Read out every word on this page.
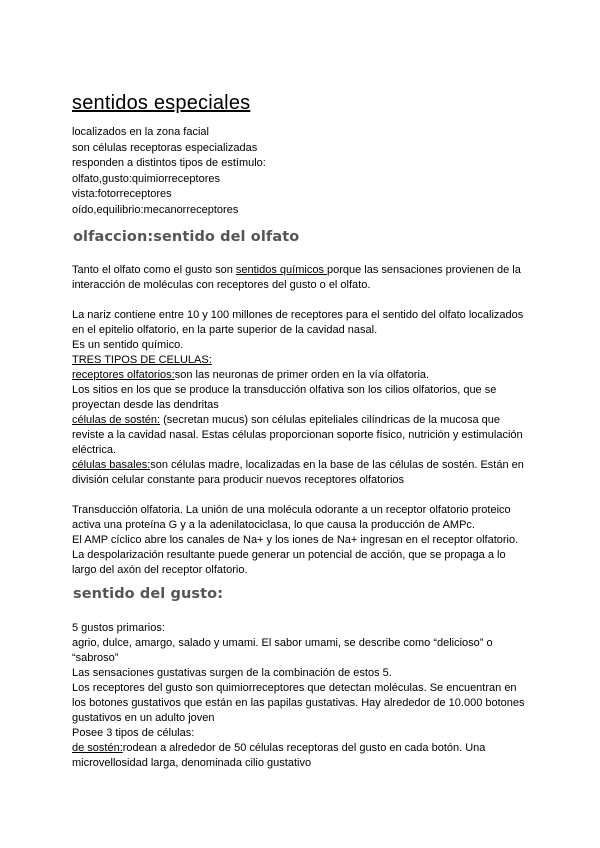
sentidos especiales

localizados en la zona facial

son células receptoras especializadas

responden a distintos tipos de estímulo:

olfato,gusto:quimiorreceptores

vista:fotorreceptores

oído,equilibrio:mecanorreceptores

olfaccion:sentido del olfato

Tanto el olfato como el gusto son sentidos químicos porque las sensaciones provienen de la interacción de moléculas con receptores del gusto o el olfato.

La nariz contiene entre 10 y 100 millones de receptores para el sentido del olfato localizados en el epitelio olfatorio, en la parte superior de la cavidad nasal.

Es un sentido químico.

TRES TIPOS DE CELULAS:

receptores olfatorios:son las neuronas de primer orden en la vía olfatoria.

Los sitios en los que se produce la transducción olfativa son los cilios olfatorios, que se proyectan desde las dendritas

células de sostén: (secretan mucus) son células epiteliales cilíndricas de la mucosa que reviste a la cavidad nasal. Estas células proporcionan soporte físico, nutrición y estimulación eléctrica.

células basales:son células madre, localizadas en la base de las células de sostén. Están en división celular constante para producir nuevos receptores olfatorios

Transducción olfatoria. La unión de una molécula odorante a un receptor olfatorio proteico activa una proteína G y a la adenilatociclasa, lo que causa la producción de AMPc.

El AMP cíclico abre los canales de Na+ y los iones de Na+ ingresan en el receptor olfatorio.

La despolarización resultante puede generar un potencial de acción, que se propaga a lo largo del axón del receptor olfatorio.

sentido del gusto:

5 gustos primarios:

agrio, dulce, amargo, salado y umami. El sabor umami, se describe como “delicioso” o “sabroso”

Las sensaciones gustativas surgen de la combinación de estos 5.

Los receptores del gusto son quimiorreceptores que detectan moléculas. Se encuentran en los botones gustativos que están en las papilas gustativas. Hay alrededor de 10.000 botones gustativos en un adulto joven

Posee 3 tipos de células:

de sostén:rodean a alrededor de 50 células receptoras del gusto en cada botón. Una microvellosidad larga, denominada cilio gustativo
